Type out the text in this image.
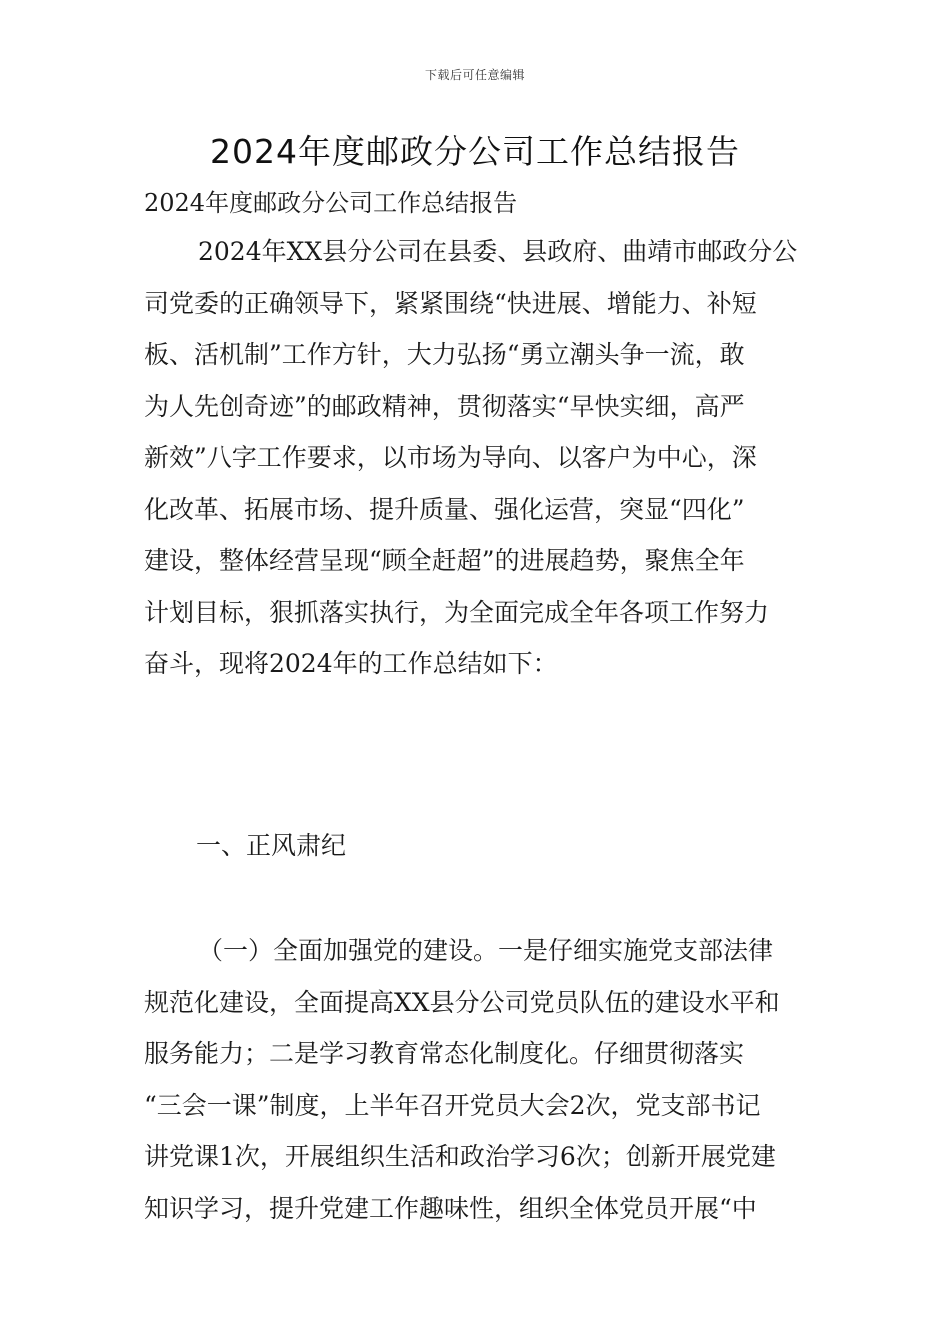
下载后可任意编辑
2024年度邮政分公司工作总结报告
2024年度邮政分公司工作总结报告
2024年XX县分公司在县委、县政府、曲靖市邮政分公
司党委的正确领导下，紧紧围绕“快进展、增能力、补短
板、活机制”工作方针，大力弘扬“勇立潮头争一流，敢
为人先创奇迹”的邮政精神，贯彻落实“早快实细，高严
新效”八字工作要求，以市场为导向、以客户为中心，深
化改革、拓展市场、提升质量、强化运营，突显“四化”
建设，整体经营呈现“顾全赶超”的进展趋势，聚焦全年
计划目标，狠抓落实执行，为全面完成全年各项工作努力
奋斗，现将2024年的工作总结如下：
一、正风肃纪
（一）全面加强党的建设。一是仔细实施党支部法律
规范化建设，全面提高XX县分公司党员队伍的建设水平和
服务能力；二是学习教育常态化制度化。仔细贯彻落实
“三会一课”制度，上半年召开党员大会2次，党支部书记
讲党课1次，开展组织生活和政治学习6次；创新开展党建
知识学习，提升党建工作趣味性，组织全体党员开展“中
